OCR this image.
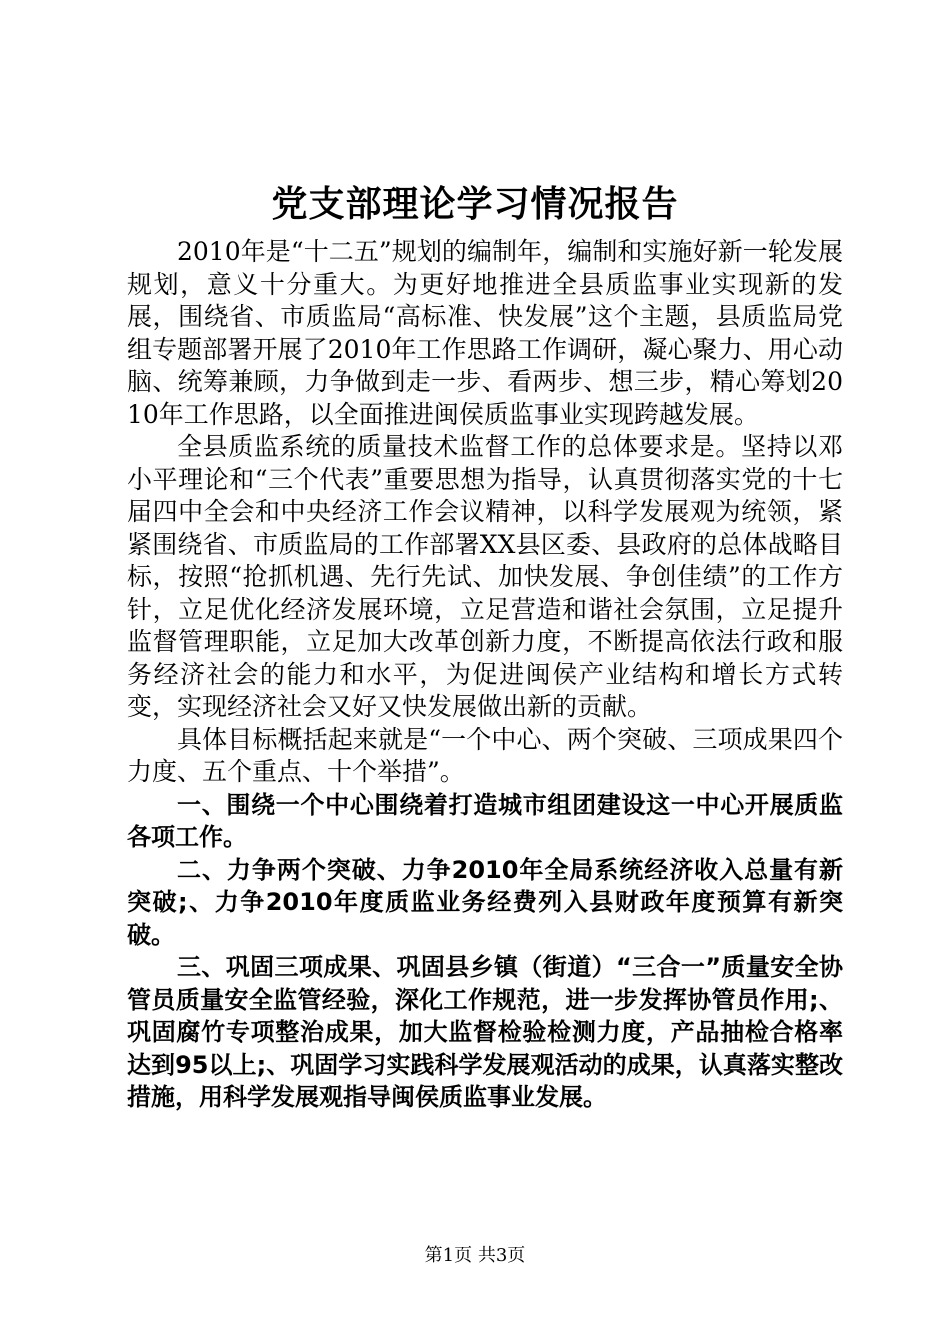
党支部理论学习情况报告

2010年是“十二五”规划的编制年，编制和实施好新一轮发展规划，意义十分重大。为更好地推进全县质监事业实现新的发展，围绕省、市质监局“高标准、快发展”这个主题，县质监局党组专题部署开展了2010年工作思路工作调研，凝心聚力、用心动脑、统筹兼顾，力争做到走一步、看两步、想三步，精心筹划2010年工作思路，以全面推进闽侯质监事业实现跨越发展。

全县质监系统的质量技术监督工作的总体要求是。坚持以邓小平理论和“三个代表”重要思想为指导，认真贯彻落实党的十七届四中全会和中央经济工作会议精神，以科学发展观为统领，紧紧围绕省、市质监局的工作部署XX县区委、县政府的总体战略目标，按照“抢抓机遇、先行先试、加快发展、争创佳绩”的工作方针，立足优化经济发展环境，立足营造和谐社会氛围，立足提升监督管理职能，立足加大改革创新力度，不断提高依法行政和服务经济社会的能力和水平，为促进闽侯产业结构和增长方式转变，实现经济社会又好又快发展做出新的贡献。

具体目标概括起来就是“一个中心、两个突破、三项成果四个力度、五个重点、十个举措”。

一、围绕一个中心围绕着打造城市组团建设这一中心开展质监各项工作。

二、力争两个突破、力争2010年全局系统经济收入总量有新突破;、力争2010年度质监业务经费列入县财政年度预算有新突破。

三、巩固三项成果、巩固县乡镇（街道）“三合一”质量安全协管员质量安全监管经验，深化工作规范，进一步发挥协管员作用;、巩固腐竹专项整治成果，加大监督检验检测力度，产品抽检合格率达到95以上;、巩固学习实践科学发展观活动的成果，认真落实整改措施，用科学发展观指导闽侯质监事业发展。

第1页 共3页
